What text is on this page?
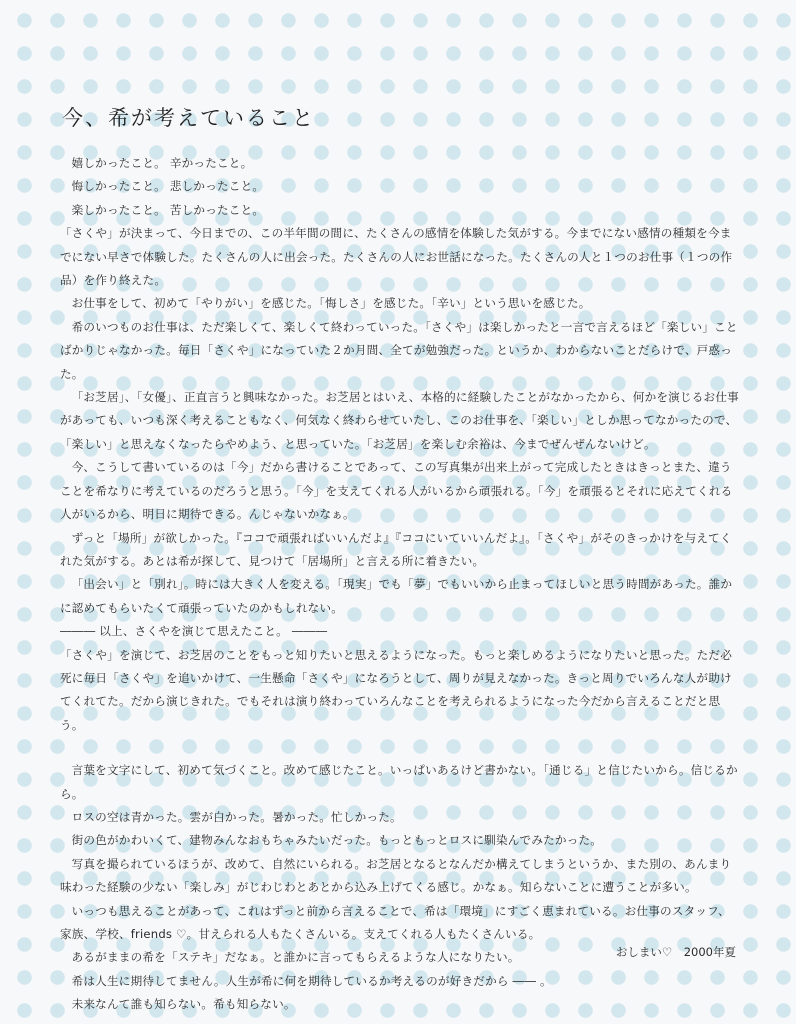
今、希が考えていること

嬉しかったこと。 辛かったこと。

悔しかったこと。 悲しかったこと。

楽しかったこと。 苦しかったこと。

「さくや」が決まって、今日までの、この半年間の間に、たくさんの感情を体験した気がする。今までにない感情の種類を今までにない早さで体験した。たくさんの人に出会った。たくさんの人にお世話になった。たくさんの人と１つのお仕事（１つの作品）を作り終えた。

お仕事をして、初めて「やりがい」を感じた。「悔しさ」を感じた。「辛い」という思いを感じた。

希のいつものお仕事は、ただ楽しくて、楽しくて終わっていった。「さくや」は楽しかったと一言で言えるほど「楽しい」ことばかりじゃなかった。毎日「さくや」になっていた２か月間、全てが勉強だった。というか、わからないことだらけで、戸惑った。

「お芝居」、「女優」、正直言うと興味なかった。お芝居とはいえ、本格的に経験したことがなかったから、何かを演じるお仕事があっても、いつも深く考えることもなく、何気なく終わらせていたし、このお仕事を、「楽しい」としか思ってなかったので、「楽しい」と思えなくなったらやめよう、と思っていた。「お芝居」を楽しむ余裕は、今までぜんぜんないけど。

今、こうして書いているのは「今」だから書けることであって、この写真集が出来上がって完成したときはきっとまた、違うことを希なりに考えているのだろうと思う。「今」を支えてくれる人がいるから頑張れる。「今」を頑張るとそれに応えてくれる人がいるから、明日に期待できる。んじゃないかなぁ。

ずっと「場所」が欲しかった。『ココで頑張ればいいんだよ』『ココにいていいんだよ』。「さくや」がそのきっかけを与えてくれた気がする。あとは希が探して、見つけて「居場所」と言える所に着きたい。

「出会い」と「別れ」。時には大きく人を変える。「現実」でも「夢」でもいいから止まってほしいと思う時間があった。誰かに認めてもらいたくて頑張っていたのかもしれない。

――― 以上、さくやを演じて思えたこと。 ―――

「さくや」を演じて、お芝居のことをもっと知りたいと思えるようになった。もっと楽しめるようになりたいと思った。ただ必死に毎日「さくや」を追いかけて、一生懸命「さくや」になろうとして、周りが見えなかった。きっと周りでいろんな人が助けてくれてた。だから演じきれた。でもそれは演り終わっていろんなことを考えられるようになった今だから言えることだと思う。

言葉を文字にして、初めて気づくこと。改めて感じたこと。いっぱいあるけど書かない。「通じる」と信じたいから。信じるから。

ロスの空は青かった。雲が白かった。暑かった。忙しかった。

街の色がかわいくて、建物みんなおもちゃみたいだった。もっともっとロスに馴染んでみたかった。

写真を撮られているほうが、改めて、自然にいられる。お芝居となるとなんだか構えてしまうというか、また別の、あんまり味わった経験の少ない「楽しみ」がじわじわとあとから込み上げてくる感じ。かなぁ。知らないことに遭うことが多い。

いっつも思えることがあって、これはずっと前から言えることで、希は「環境」にすごく恵まれている。お仕事のスタッフ、家族、学校、friends ♡。甘えられる人もたくさんいる。支えてくれる人もたくさんいる。

あるがままの希を「ステキ」だなぁ。と誰かに言ってもらえるような人になりたい。

希は人生に期待してません。人生が希に何を期待しているか考えるのが好きだから ―― 。

未来なんて誰も知らない。希も知らない。

おしまい♡　2000年夏
